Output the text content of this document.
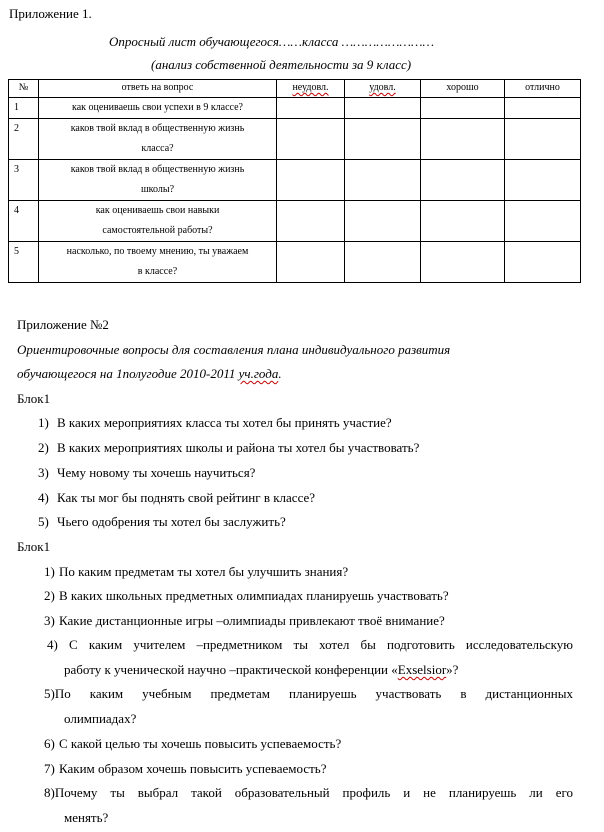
Приложение 1.
Опросный лист обучающегося……класса ……………………
(анализ собственной деятельности за 9 класс)
№	ответь на вопрос	неудовл.	удовл.	хорошо	отлично
1	как оцениваешь свои успехи в 9 классе?				
2	каков твой вклад в общественную жизнь
класса?				
3	каков твой вклад в общественную жизнь
школы?				
4	как оцениваешь свои навыки
самостоятельной работы?				
5	насколько, по твоему мнению, ты уважаем
в классе?				
Приложение №2
Ориентировочные вопросы для составления плана индивидуального развития
обучающегося на 1полугодие 2010-2011 уч.года.
Блок1
1) В каких мероприятиях класса ты хотел бы принять участие?
2) В каких мероприятиях школы и района ты хотел бы участвовать?
3) Чему новому ты хочешь научиться?
4) Как ты мог бы поднять свой рейтинг в классе?
5) Чьего одобрения ты хотел бы заслужить?
Блок1
1) По каким предметам ты хотел бы улучшить знания?
2) В каких школьных предметных олимпиадах планируешь участвовать?
3) Какие дистанционные игры –олимпиады привлекают твоё внимание?
4) С каким учителем –предметником ты хотел бы подготовить исследовательскую
работу к ученической научно –практической конференции «Exselsior»?
5)По каким учебным предметам планируешь участвовать в дистанционных
олимпиадах?
6) С какой целью ты хочешь повысить успеваемость?
7) Каким образом хочешь повысить успеваемость?
8)Почему ты выбрал такой образовательный профиль и не планируешь ли его
менять?
